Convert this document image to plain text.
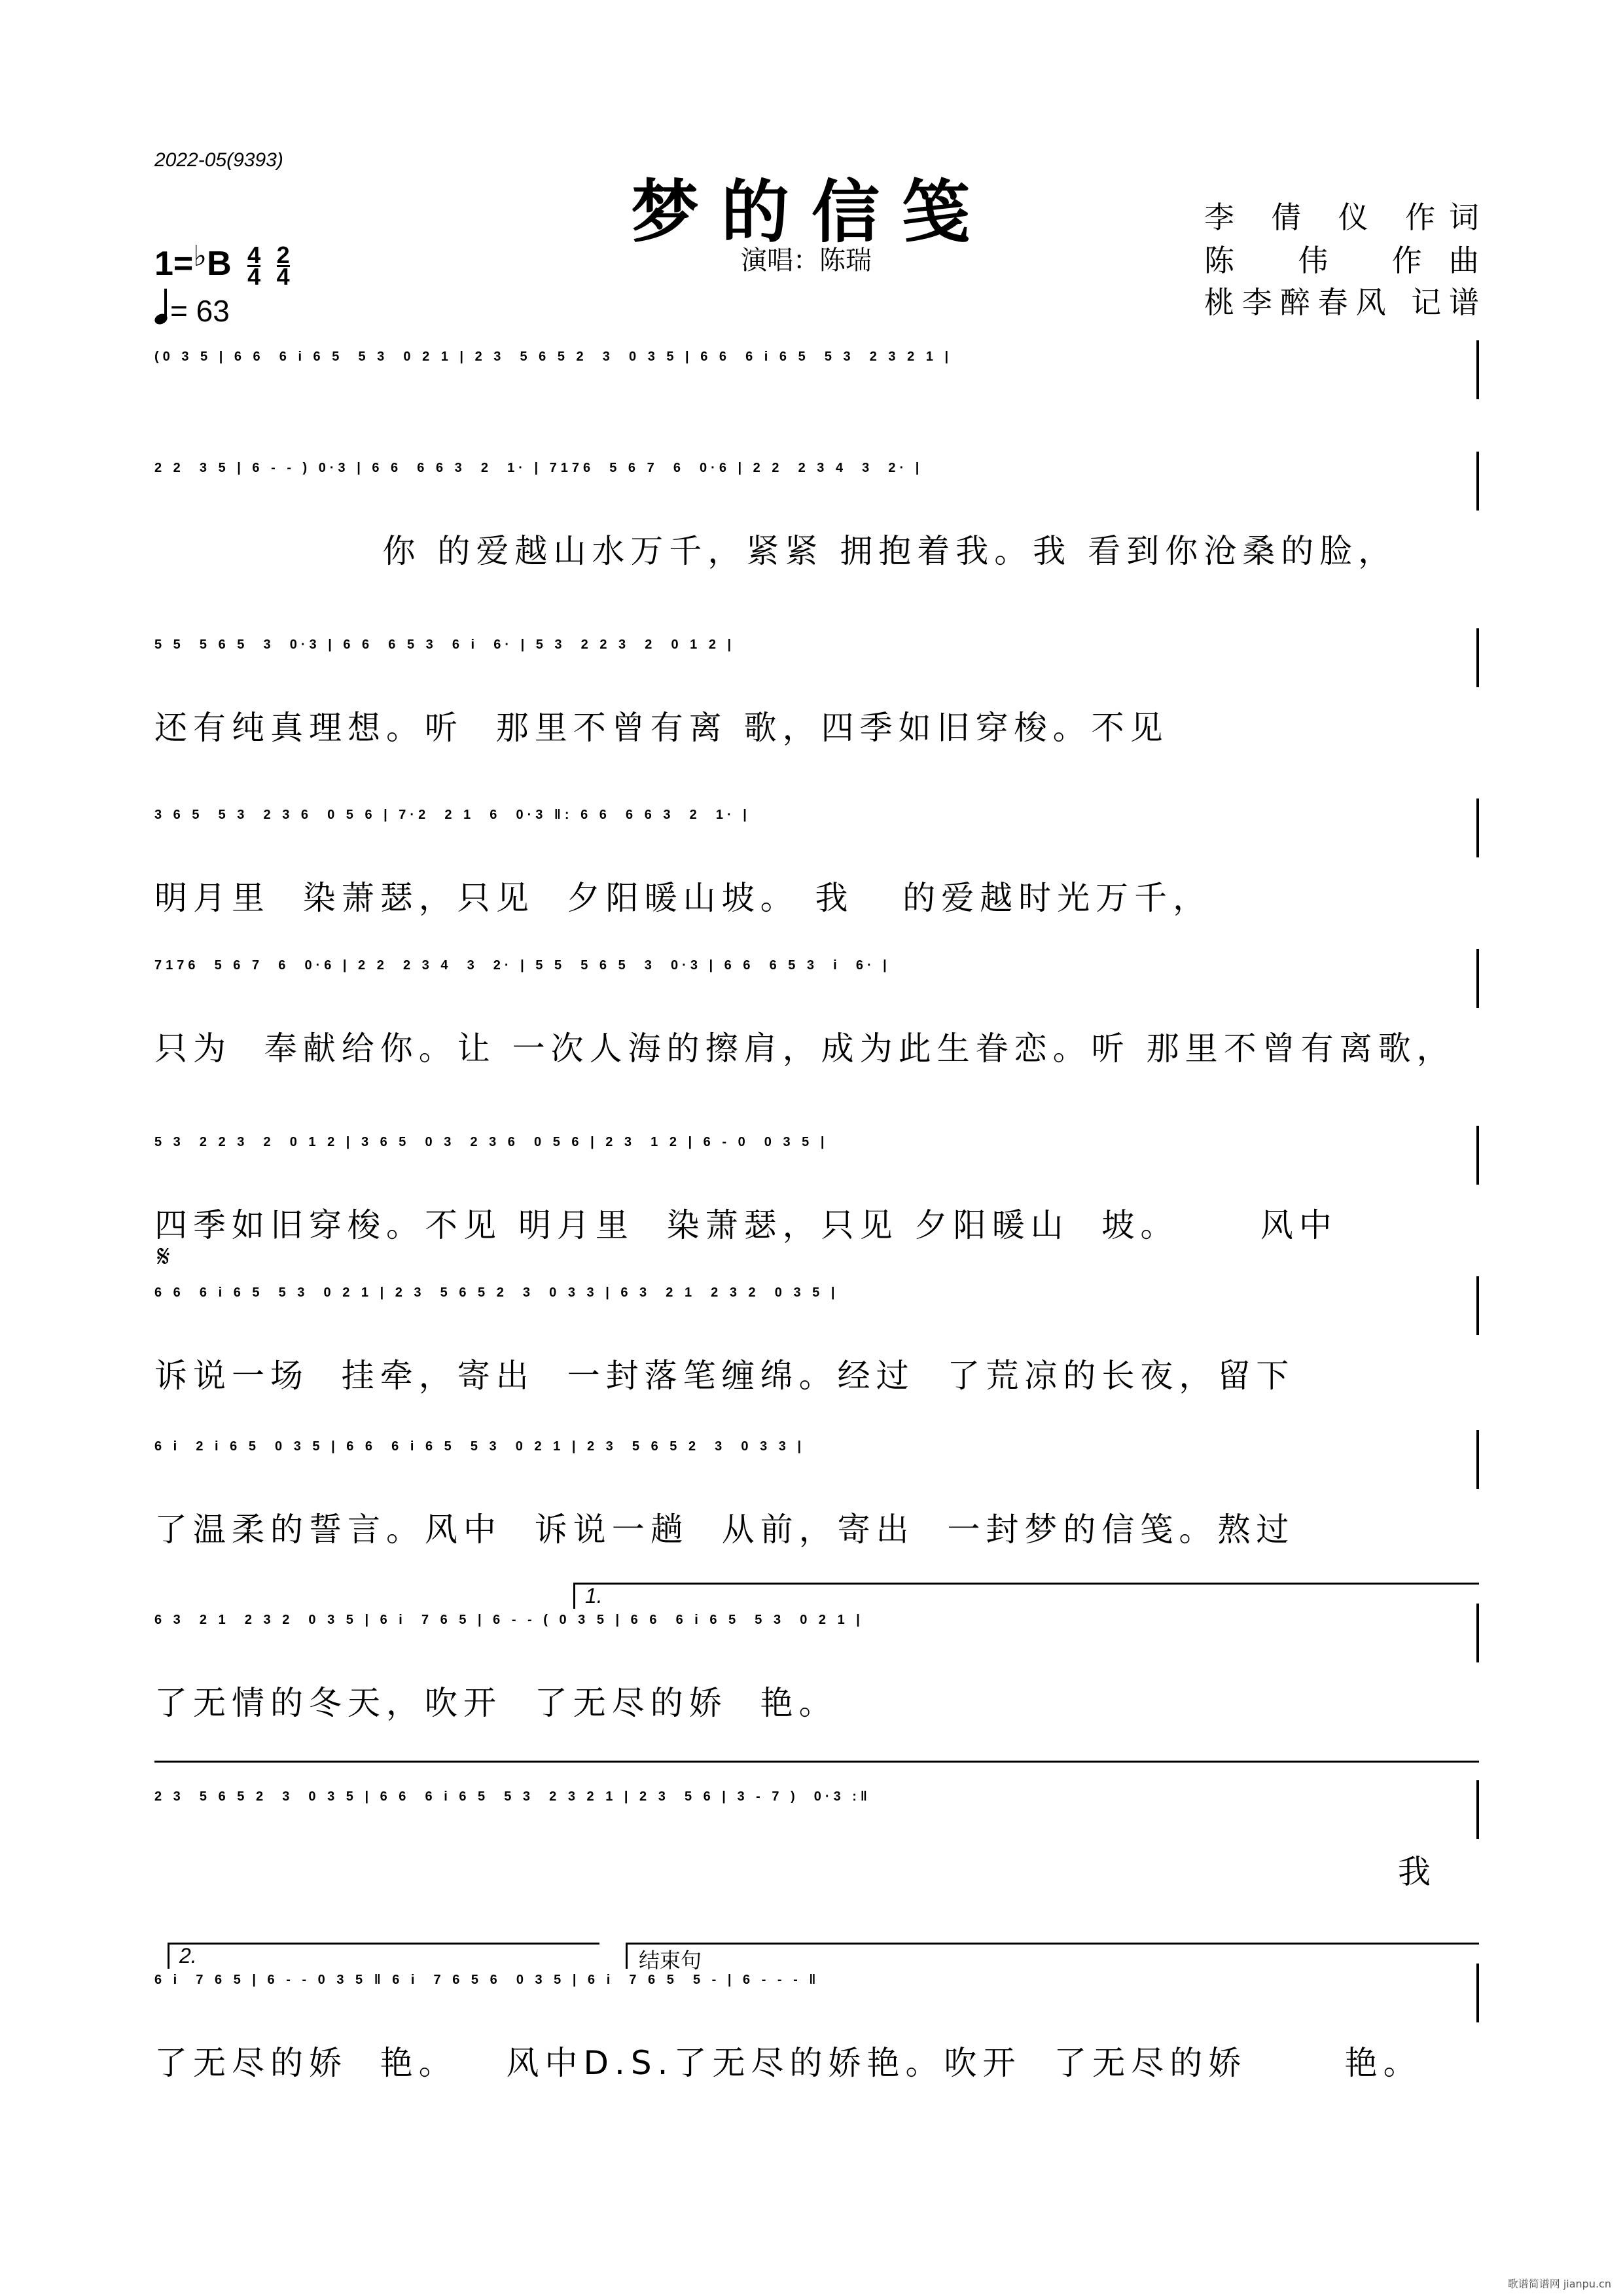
2022-05(9393)
梦的信笺
演唱：陈瑞
李 倩 仪 作词
陈 伟 作曲
桃李醉春风 记谱
$1=^♭B \frac{4}{4}$
$\frac{2}{4}$
= 63
(0 3 5 | 6 6  6 i 6 5  5 3  0 2 1 | 2 3  5 6 5 2  3  0 3 5 | 6 6  6 i 6 5  5 3  2 3 2 1 |
2 2  3 5 | 6 - - ) 0·3 | 6 6  6 6 3  2  1· | 7176  5 6 7  6  0·6 | 2 2  2 3 4  3  2· |
你 的爱越山水万千，紧紧 拥抱着我。我 看到你沧桑的脸，
5 5  5 6 5  3  0·3 | 6 6  6 5 3  6 i  6· | 5 3  2 2 3  2  0 1 2 |
还有纯真理想。听  那里不曾有离 歌，四季如旧穿梭。不见
3 6 5  5 3  2 3 6  0 5 6 | 7·2  2 1  6  0·3 ‖: 6 6  6 6 3  2  1· |
明月里  染萧瑟，只见  夕阳暖山坡。 我   的爱越时光万千，
7176  5 6 7  6  0·6 | 2 2  2 3 4  3  2· | 5 5  5 6 5  3  0·3 | 6 6  6 5 3  i  6· |
只为  奉献给你。让 一次人海的擦肩，成为此生眷恋。听 那里不曾有离歌，
5 3  2 2 3  2  0 1 2 | 3 6 5  0 3  2 3 6  0 5 6 | 2 3  1 2 | 6 - 0  0 3 5 |
四季如旧穿梭。不见 明月里  染萧瑟，只见 夕阳暖山  坡。     风中
6 6  6 i 6 5  5 3  0 2 1 | 2 3  5 6 5 2  3  0 3 3 | 6 3  2 1  2 3 2  0 3 5 |
诉说一场  挂牵，寄出  一封落笔缠绵。经过  了荒凉的长夜，留下
𝄋
6 i  2 i 6 5  0 3 5 | 6 6  6 i 6 5  5 3  0 2 1 | 2 3  5 6 5 2  3  0 3 3 |
了温柔的誓言。风中  诉说一趟  从前，寄出  一封梦的信笺。熬过
6 3  2 1  2 3 2  0 3 5 | 6 i  7 6 5 | 6 - - ( 0 3 5 | 6 6  6 i 6 5  5 3  0 2 1 |
了无情的冬天，吹开  了无尽的娇  艳。
1.
2 3  5 6 5 2  3  0 3 5 | 6 6  6 i 6 5  5 3  2 3 2 1 | 2 3  5 6 | 3 - 7 )  0·3 :‖
我
6 i  7 6 5 | 6 - - 0 3 5 ‖ 6 i  7 6 5 6  0 3 5 | 6 i  7 6 5  5 - | 6 - - - ‖
了无尽的娇  艳。   风中D.S.了无尽的娇艳。吹开  了无尽的娇      艳。
2.	结束句
歌谱简谱网 jianpu.cn
